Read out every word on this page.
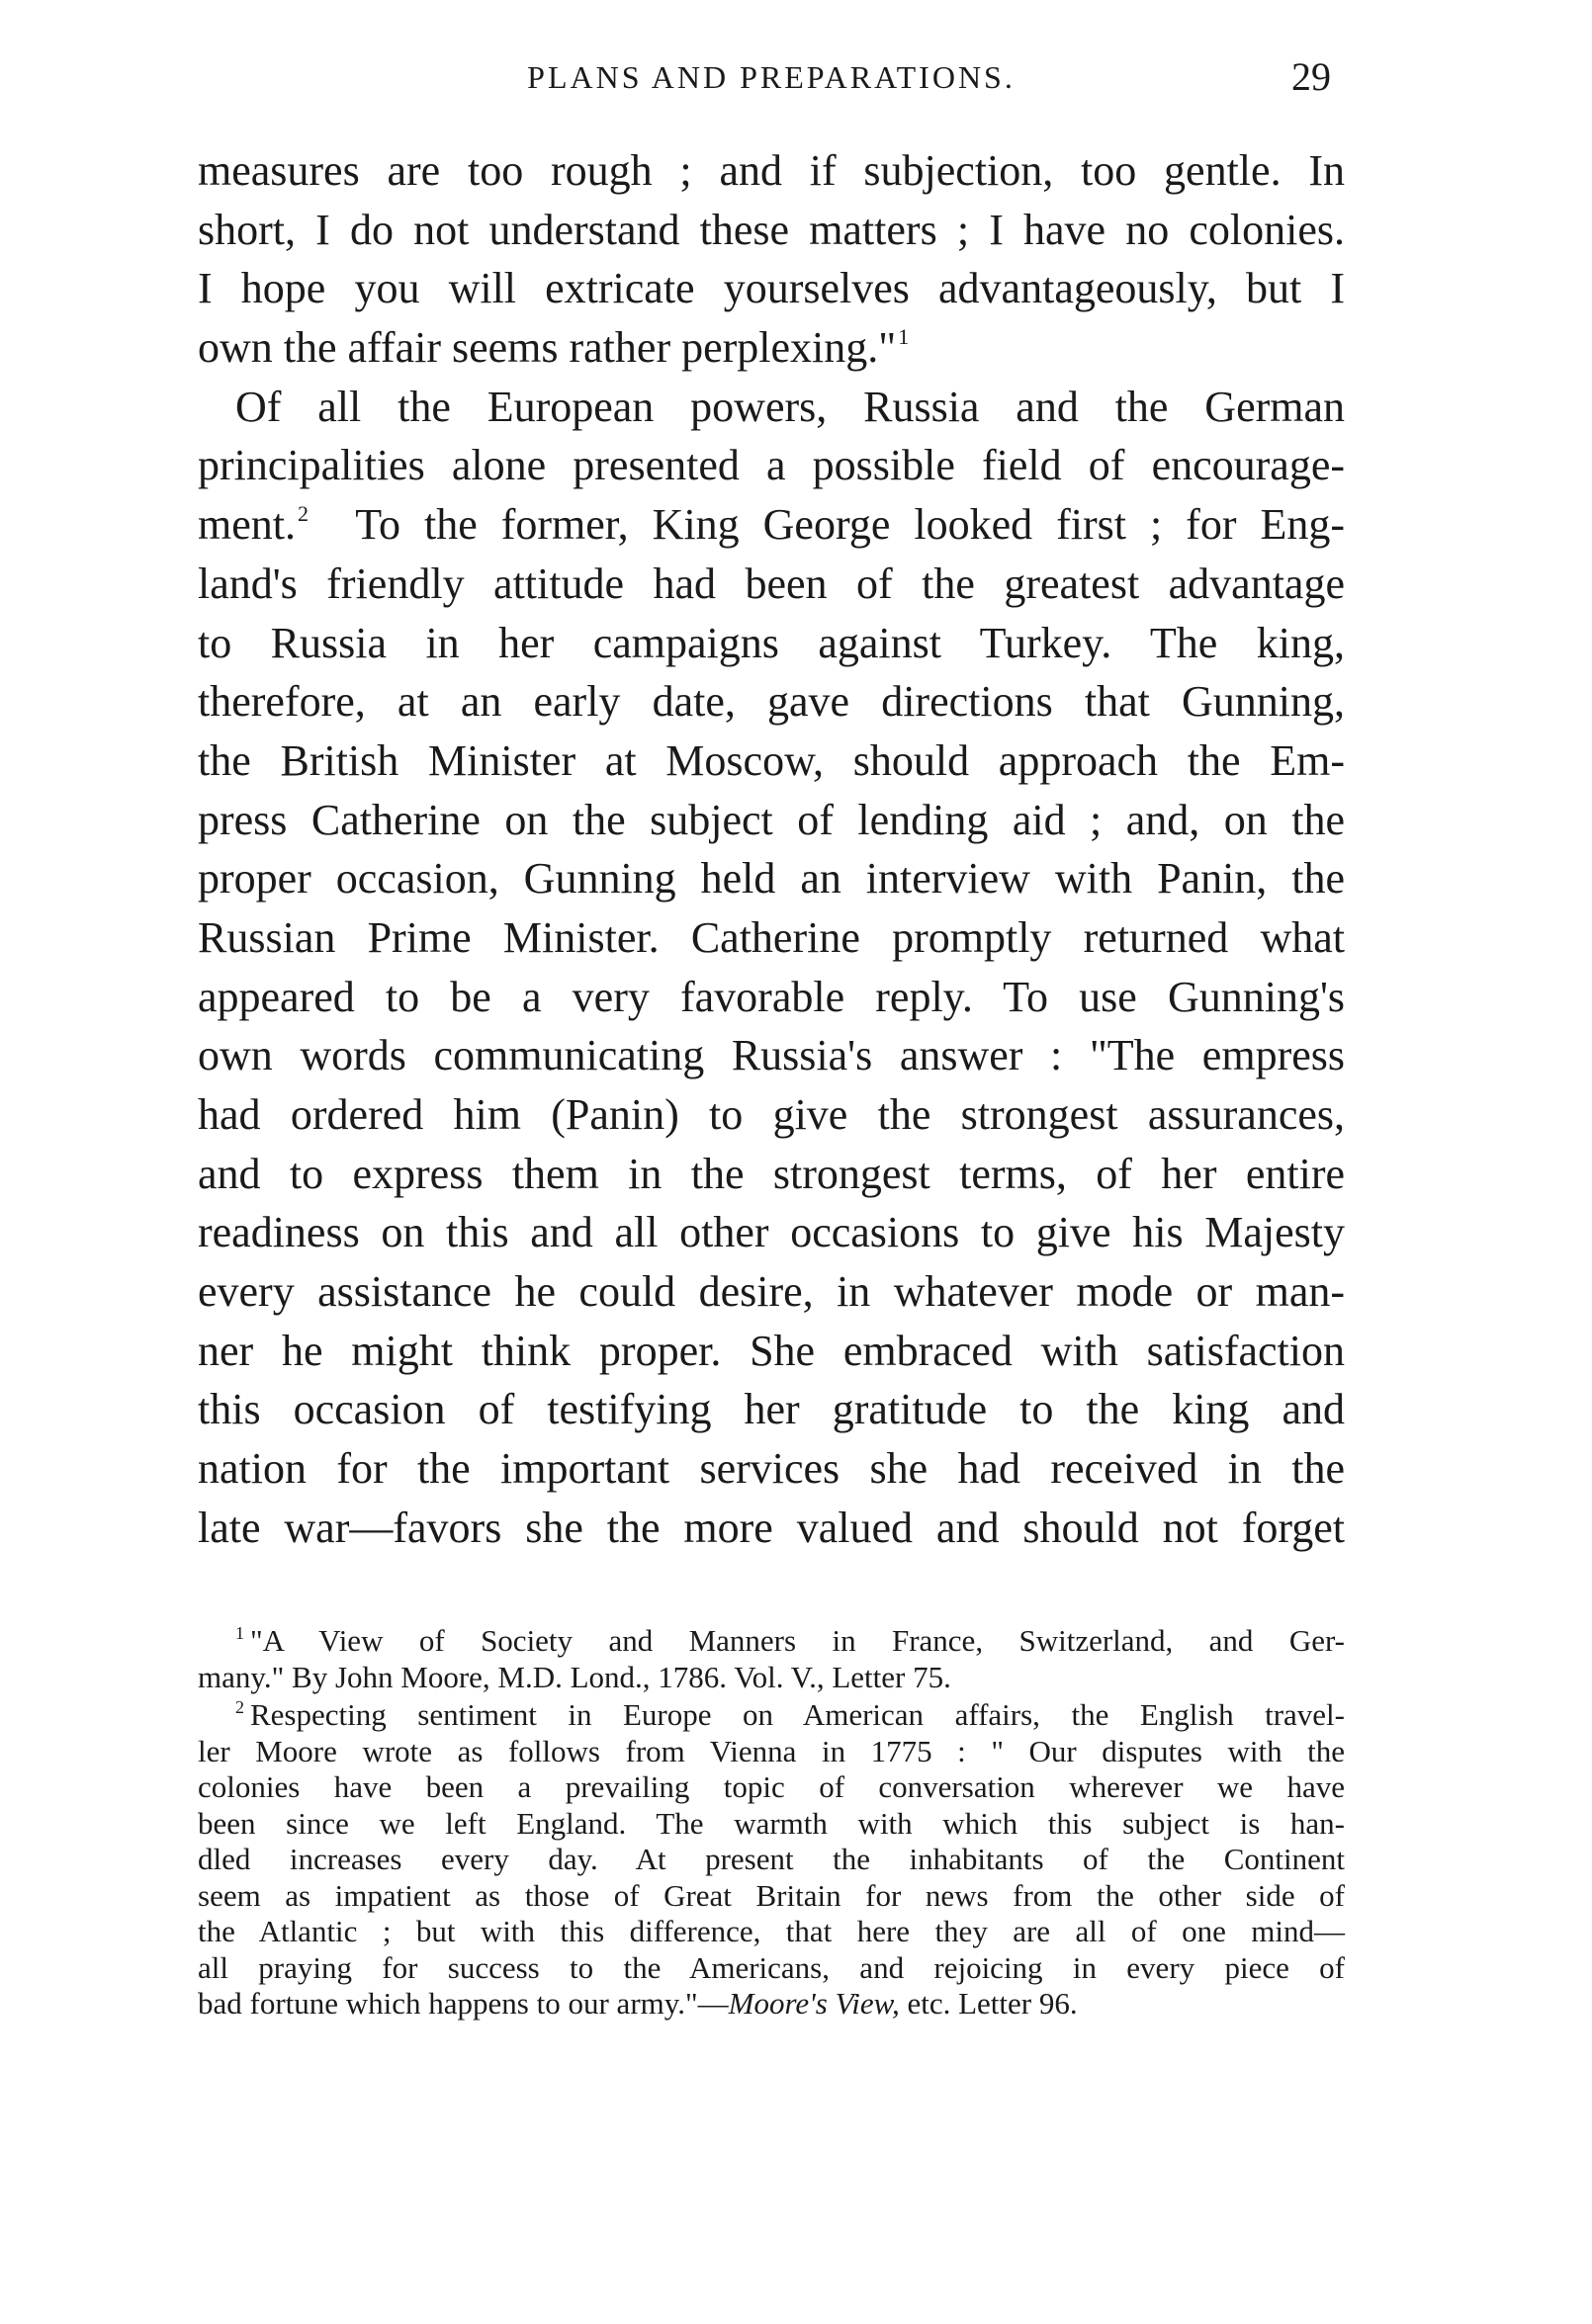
PLANS AND PREPARATIONS.	29
measures are too rough ; and if subjection, too gentle. In
short, I do not understand these matters ; I have no colonies.
I hope you will extricate yourselves advantageously, but I
own the affair seems rather perplexing."$^1$
Of all the European powers, Russia and the German
principalities alone presented a possible field of encourage-
ment.$^2$ To the former, King George looked first ; for Eng-
land's friendly attitude had been of the greatest advantage
to Russia in her campaigns against Turkey. The king,
therefore, at an early date, gave directions that Gunning,
the British Minister at Moscow, should approach the Em-
press Catherine on the subject of lending aid ; and, on the
proper occasion, Gunning held an interview with Panin, the
Russian Prime Minister. Catherine promptly returned what
appeared to be a very favorable reply. To use Gunning's
own words communicating Russia's answer : "The empress
had ordered him (Panin) to give the strongest assurances,
and to express them in the strongest terms, of her entire
readiness on this and all other occasions to give his Majesty
every assistance he could desire, in whatever mode or man-
ner he might think proper. She embraced with satisfaction
this occasion of testifying her gratitude to the king and
nation for the important services she had received in the
late war—favors she the more valued and should not forget
$^1$ "A View of Society and Manners in France, Switzerland, and Ger-
many." By John Moore, M.D. Lond., 1786. Vol. V., Letter 75.
$^2$ Respecting sentiment in Europe on American affairs, the English travel-
ler Moore wrote as follows from Vienna in 1775 : " Our disputes with the
colonies have been a prevailing topic of conversation wherever we have
been since we left England. The warmth with which this subject is han-
dled increases every day. At present the inhabitants of the Continent
seem as impatient as those of Great Britain for news from the other side of
the Atlantic ; but with this difference, that here they are all of one mind—
all praying for success to the Americans, and rejoicing in every piece of
bad fortune which happens to our army."—Moore's View, etc. Letter 96.
